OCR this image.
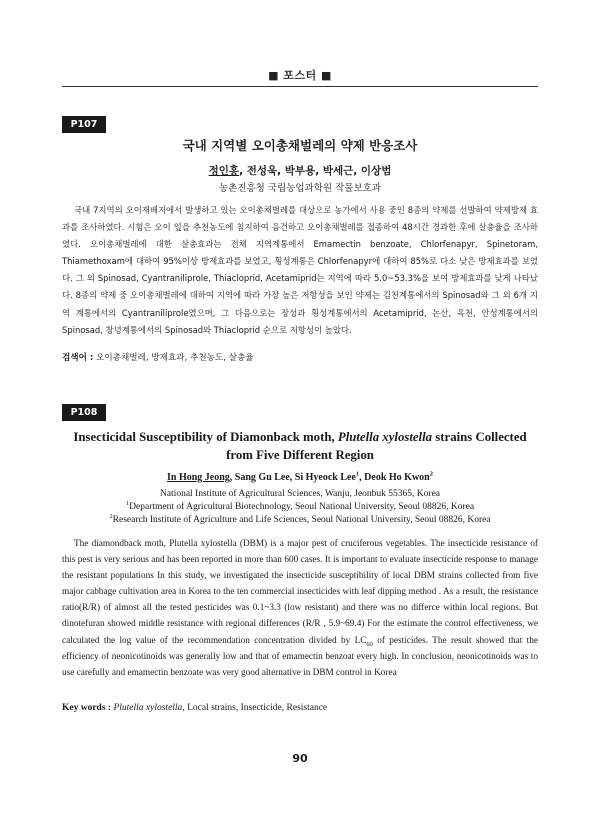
■ 포스터 ■
P107
국내 지역별 오이총채벌레의 약제 반응조사
정인홍, 전성욱, 박부용, 박세근, 이상범
농촌진흥청 국립농업과학원 작물보호과

국내 7지역의 오이재배지에서 발생하고 있는 오이총채벌레를 대상으로 농가에서 사용 중인 8종의 약제를 선발하여 약제방제 효과를 조사하였다. 시험은 오이 잎을 추천농도에 침지하여 음건하고 오이총채벌레를 접종하여 48시간 경과한 후에 살충율을 조사하였다. 오이총채벌레에 대한 살충효과는 전체 지역계통에서 Emamectin benzoate, Chlorfenapyr, Spinetoram, Thiamethoxam에 대하여 95%이상 방제효과를 보였고, 횡성계통은 Chlorfenapyr에 대하여 85%로 다소 낮은 방제효과를 보였다. 그 외 Spinosad, Cyantraniliprole, Thiacloprid, Acetamiprid는 지역에 따라 5.0~53.3%을 보여 방제효과를 낮게 나타났다. 8종의 약제 중 오이총채벌레에 대하여 지역에 따라 가장 높은 저항성을 보인 약제는 김천계통에서의 Spinosad와 그 외 6개 지역 계통에서의 Cyantraniliprole였으며, 그 다음으로는 장성과 횡성계통에서의 Acetamiprid, 논산, 옥천, 안성계통에서의 Spinosad, 창녕계통에서의 Spinosad와 Thiacloprid 순으로 저항성이 높았다.

검색어 : 오이총채벌레, 방제효과, 추천농도, 살충율
P108
Insecticidal Susceptibility of Diamonback moth, Plutella xylostella strains Collected from Five Different Region
In Hong Jeong, Sang Gu Lee, Si Hyeock Lee$^1$, Deok Ho Kwon$^2$
National Institute of Agricultural Sciences, Wanju, Jeonbuk 55365, Korea
$^1$Department of Agricultural Biotechnology, Seoul National University, Seoul 08826, Korea
$^2$Research Institute of Agriculture and Life Sciences, Seoul National University, Seoul 08826, Korea

The diamondback moth, Plutella xylostella (DBM) is a major pest of cruciferous vegetables. The insecticide resistance of this pest is very serious and has been reported in more than 600 cases. It is important to evaluate insecticide response to manage the resistant populations In this study, we investigated the insecticide susceptibility of local DBM strains collected from five major cabbage cultivation area in Korea to the ten commercial insecticides with leaf dipping method . As a result, the resistance ratio(R/R) of almost all the tested pesticides was 0.1~3.3 (low resistant) and there was no differce within local regions. But dinotefuran showed middle resistance with regional differences (R/R , 5.9~69.4) For the estimate the control effectiveness, we calculated the log value of the recommendation concentration divided by $LC_{60}$ of pesticides. The result showed that the efficiency of neonicotinoids was generally low and that of emamectin benzoat every high. In conclusion, neonicotinoids was to use carefully and emamectin benzoate was very good alternative in DBM control in Korea

Key words : Plutella xylostella, Local strains, Insecticide, Resistance
90
